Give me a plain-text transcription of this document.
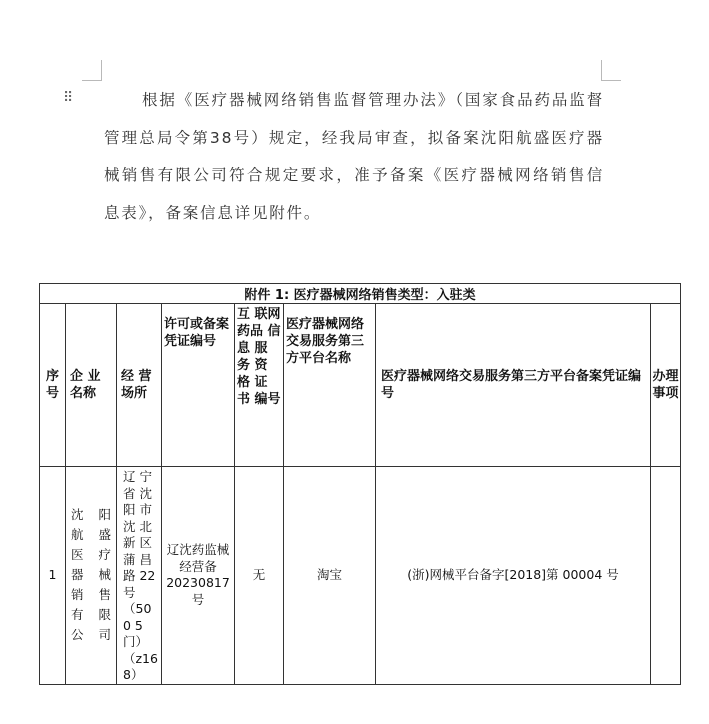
⠿	根据《医疗器械网络销售监督管理办法》（国家食品药品监督管理总局令第38号）规定，经我局审查，拟备案沈阳航盛医疗器械销售有限公司符合规定要求，准予备案《医疗器械网络销售信息表》，备案信息详见附件。

附件 1: 医疗器械网络销售类型：入驻类							
序号	企 业 名称	经 营 场所	许可或备案凭证编号	互 联网 药品 信 息 服 务 资 格 证 书 编号	医疗器械网络交易服务第三方平台名称	医疗器械网络交易服务第三方平台备案凭证编号	办理事项
1	沈 阳 航 盛 医 疗 器 械 销 售 有 限 公司	辽 宁 省 沈 阳 市 沈 北 新 区 蒲 昌 路 22 号 （500 5门）（z168）	辽沈药监械经营备20230817号	无	淘宝	(浙)网械平台备字[2018]第 00004 号	
